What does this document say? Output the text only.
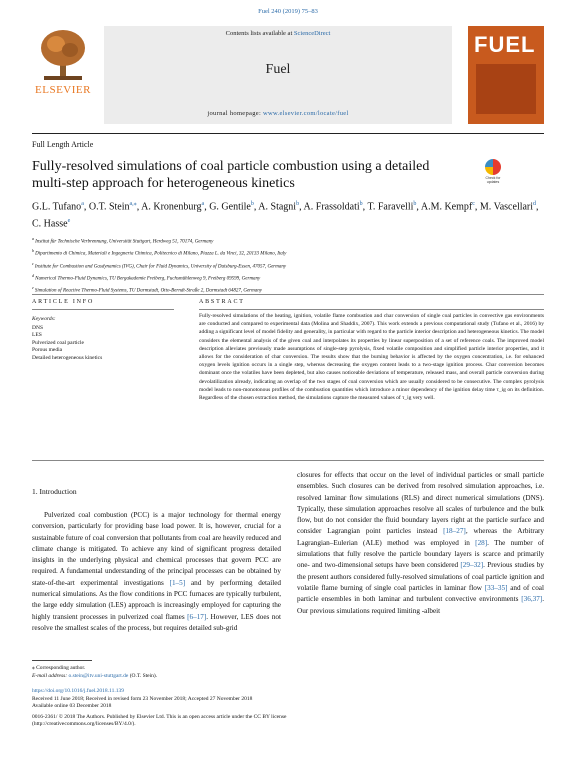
Fuel 240 (2019) 75–83
ELSEVIER
Contents lists available at ScienceDirect
Fuel
journal homepage: www.elsevier.com/locate/fuel
FUEL
Full Length Article
Fully-resolved simulations of coal particle combustion using a detailed multi-step approach for heterogeneous kinetics	Check for updates
G.L. Tufano$^a$, O.T. Stein$^{a,⁎}$, A. Kronenburg$^a$, G. Gentile$^b$, A. Stagni$^b$, A. Frassoldati$^b$, T. Faravelli$^b$, A.M. Kempf$^c$, M. Vascellari$^d$, C. Hasse$^e$
$^a$ Institut für Technische Verbrennung, Universität Stuttgart, Herdweg 51, 70174, Germany
$^b$ Dipartimento di Chimica, Materiali e Ingegneria Chimica, Politecnico di Milano, Piazza L. da Vinci, 32, 20133 Milano, Italy
$^c$ Institute for Combustion and Gasdynamics (IVG), Chair for Fluid Dynamics, University of Duisburg-Essen, 47057, Germany
$^d$ Numerical Thermo-Fluid Dynamics, TU Bergakademie Freiberg, Fuchsmühlenweg 9, Freiberg 09599, Germany
$^e$ Simulation of Reactive Thermo-Fluid Systems, TU Darmstadt, Otto-Berndt-Straße 2, Darmstadt 64827, Germany
ARTICLE INFO	ABSTRACT
Keywords:
DNS
LES
Pulverized coal particle
Porous media
Detailed heterogeneous kinetics
Fully-resolved simulations of the heating, ignition, volatile flame combustion and char conversion of single coal particles in convective gas environments are conducted and compared to experimental data (Molina and Shaddix, 2007). This work extends a previous computational study (Tufano et al., 2016) by adding a significant level of model fidelity and generality, in particular with regard to the particle interior description and heterogeneous kinetics. The model considers the elemental analysis of the given coal and interpolates its properties by linear superposition of a set of reference coals. The improved model description alleviates previously made assumptions of single-step pyrolysis, fixed volatile composition and simplified particle interior properties, and it allows for the consideration of char conversion. The results show that the burning behavior is affected by the oxygen concentration, i.e. for enhanced oxygen levels ignition occurs in a single step, whereas decreasing the oxygen content leads to a two-stage ignition process. Char conversion becomes dominant once the volatiles have been depleted, but also causes noticeable deviations of temperature, released mass, and overall particle conversion during devolatilization already, indicating an overlap of the two stages of coal conversion which are usually considered to be consecutive. The complex pyrolysis model leads to non-monotonous profiles of the combustion quantities which introduce a minor dependency of the ignition delay time τ_ig on its definition. Regardless of the chosen extraction method, the simulations capture the measured values of τ_ig very well.
1. Introduction
Pulverized coal combustion (PCC) is a major technology for thermal energy conversion, particularly for providing base load power. It is, however, crucial for a sustainable future of coal conversion that pollutants from coal are heavily reduced and climate change is mitigated. To achieve any kind of significant progress detailed insights in the underlying physical and chemical processes that govern PCC are required. A fundamental understanding of the principal processes can be obtained by state-of-the-art experimental investigations [1–5] and by performing detailed numerical simulations. As the flow conditions in PCC furnaces are typically turbulent, the large eddy simulation (LES) approach is increasingly employed for capturing the highly transient processes in pulverized coal flames [6–17]. However, LES does not resolve the smallest scales of the process, but requires detailed sub-grid
closures for effects that occur on the level of individual particles or small particle ensembles. Such closures can be derived from resolved simulation approaches, i.e. resolved laminar flow simulations (RLS) and direct numerical simulations (DNS). Typically, these simulation approaches resolve all scales of turbulence and the bulk flow, but do not consider the fluid boundary layers right at the particle surface and consider Lagrangian point particles instead [18–27], whereas the Arbitrary Lagrangian–Eulerian (ALE) method was employed in [28]. The number of simulations that fully resolve the particle boundary layers is scarce and primarily one- and two-dimensional setups have been considered [29–32]. Previous studies by the present authors considered fully-resolved simulations of coal particle ignition and volatile flame burning of single coal particles in laminar flow [33–35] and of coal particle ensembles in both laminar and turbulent convective environments [36,37]. Our previous simulations required limiting -albeit
⁎ Corresponding author.
E-mail address: o.stein@itv.uni-stuttgart.de (O.T. Stein).
https://doi.org/10.1016/j.fuel.2018.11.139
Received 11 June 2018; Received in revised form 23 November 2018; Accepted 27 November 2018
Available online 03 December 2018
0016-2361/ © 2018 The Authors. Published by Elsevier Ltd. This is an open access article under the CC BY license
(http://creativecommons.org/licenses/BY/4.0/).
